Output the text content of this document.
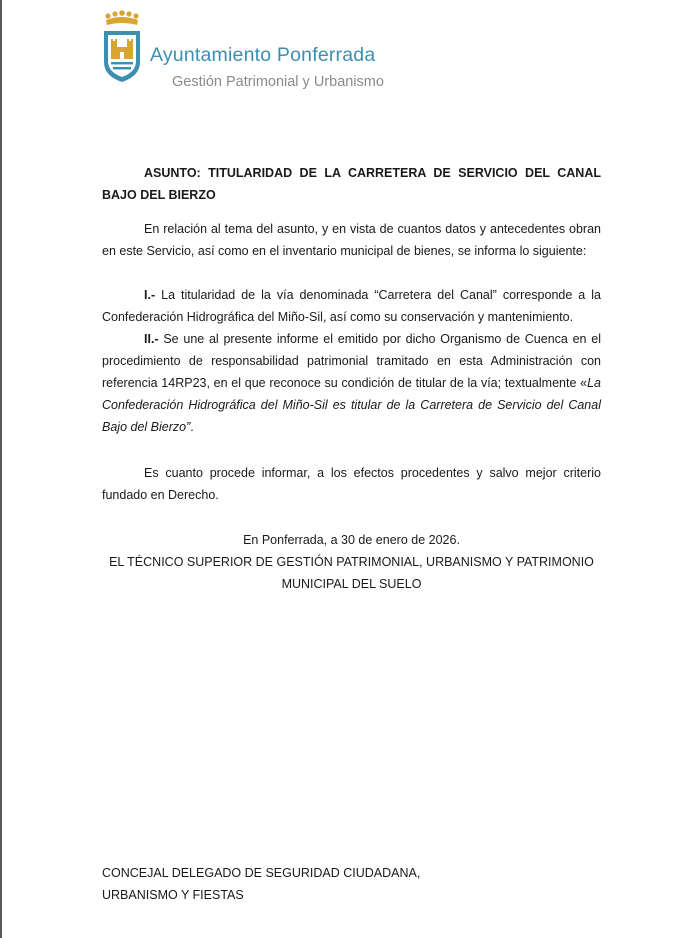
Ayuntamiento Ponferrada
Gestión Patrimonial y Urbanismo
ASUNTO: TITULARIDAD DE LA CARRETERA DE SERVICIO DEL CANAL BAJO DEL BIERZO
En relación al tema del asunto, y en vista de cuantos datos y antecedentes obran en este Servicio, así como en el inventario municipal de bienes, se informa lo siguiente:
I.- La titularidad de la vía denominada “Carretera del Canal” corresponde a la Confederación Hidrográfica del Miño-Sil, así como su conservación y mantenimiento.
II.- Se une al presente informe el emitido por dicho Organismo de Cuenca en el procedimiento de responsabilidad patrimonial tramitado en esta Administración con referencia 14RP23, en el que reconoce su condición de titular de la vía; textualmente «La Confederación Hidrográfica del Miño-Sil es titular de la Carretera de Servicio del Canal Bajo del Bierzo”.
Es cuanto procede informar, a los efectos procedentes y salvo mejor criterio fundado en Derecho.
En Ponferrada, a 30 de enero de 2026.
EL TÉCNICO SUPERIOR DE GESTIÓN PATRIMONIAL, URBANISMO Y PATRIMONIO
MUNICIPAL DEL SUELO
CONCEJAL DELEGADO DE SEGURIDAD CIUDADANA,
URBANISMO Y FIESTAS
